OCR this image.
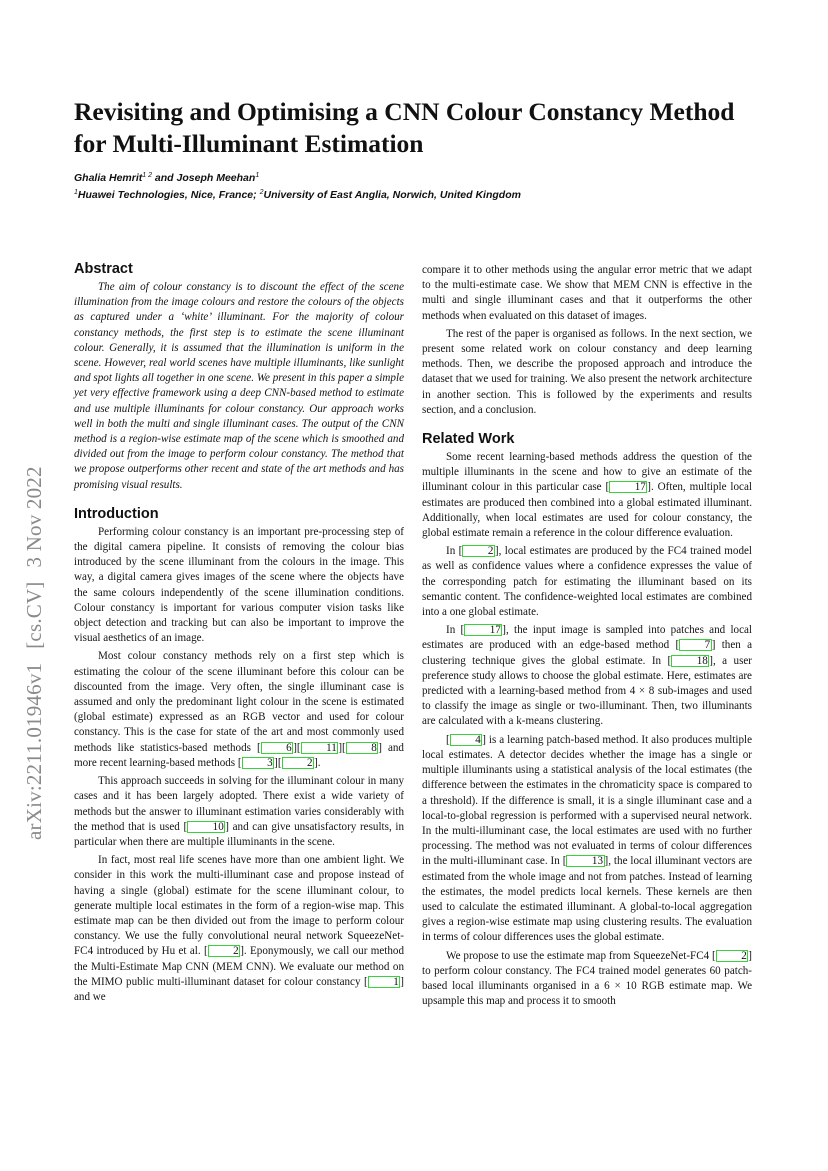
Revisiting and Optimising a CNN Colour Constancy Method for Multi-Illuminant Estimation
Ghalia Hemrit$^{1 2}$ and Joseph Meehan$^1$
$^1$Huawei Technologies, Nice, France; $^2$University of East Anglia, Norwich, United Kingdom
arXiv:2211.01946v1[cs.CV]3 Nov 2022
Abstract

The aim of colour constancy is to discount the effect of the scene illumination from the image colours and restore the colours of the objects as captured under a ‘white’ illuminant. For the majority of colour constancy methods, the first step is to estimate the scene illuminant colour. Generally, it is assumed that the illumination is uniform in the scene. However, real world scenes have multiple illuminants, like sunlight and spot lights all together in one scene. We present in this paper a simple yet very effective framework using a deep CNN-based method to estimate and use multiple illuminants for colour constancy. Our approach works well in both the multi and single illuminant cases. The output of the CNN method is a region-wise estimate map of the scene which is smoothed and divided out from the image to perform colour constancy. The method that we propose outperforms other recent and state of the art methods and has promising visual results.

Introduction

Performing colour constancy is an important pre-processing step of the digital camera pipeline. It consists of removing the colour bias introduced by the scene illuminant from the colours in the image. This way, a digital camera gives images of the scene where the objects have the same colours independently of the scene illumination conditions. Colour constancy is important for various computer vision tasks like object detection and tracking but can also be important to improve the visual aesthetics of an image.

Most colour constancy methods rely on a first step which is estimating the colour of the scene illuminant before this colour can be discounted from the image. Very often, the single illuminant case is assumed and only the predominant light colour in the scene is estimated (global estimate) expressed as an RGB vector and used for colour constancy. This is the case for state of the art and most commonly used methods like statistics-based methods [ 6 ][ 11 ][ 8 ] and more recent learning-based methods [ 3 ][ 2 ].

This approach succeeds in solving for the illuminant colour in many cases and it has been largely adopted. There exist a wide variety of methods but the answer to illuminant estimation varies considerably with the method that is used [ 10 ] and can give unsatisfactory results, in particular when there are multiple illuminants in the scene.

In fact, most real life scenes have more than one ambient light. We consider in this work the multi-illuminant case and propose instead of having a single (global) estimate for the scene illuminant colour, to generate multiple local estimates in the form of a region-wise map. This estimate map can be then divided out from the image to perform colour constancy. We use the fully convolutional neural network SqueezeNet-FC4 introduced by Hu et al. [ 2 ]. Eponymously, we call our method the Multi-Estimate Map CNN (MEM CNN). We evaluate our method on the MIMO public multi-illuminant dataset for colour constancy [ 1 ] and we

compare it to other methods using the angular error metric that we adapt to the multi-estimate case. We show that MEM CNN is effective in the multi and single illuminant cases and that it outperforms the other methods when evaluated on this dataset of images.

The rest of the paper is organised as follows. In the next section, we present some related work on colour constancy and deep learning methods. Then, we describe the proposed approach and introduce the dataset that we used for training. We also present the network architecture in another section. This is followed by the experiments and results section, and a conclusion.

Related Work

Some recent learning-based methods address the question of the multiple illuminants in the scene and how to give an estimate of the illuminant colour in this particular case [ 17 ]. Often, multiple local estimates are produced then combined into a global estimated illuminant. Additionally, when local estimates are used for colour constancy, the global estimate remain a reference in the colour difference evaluation.

In [ 2 ], local estimates are produced by the FC4 trained model as well as confidence values where a confidence expresses the value of the corresponding patch for estimating the illuminant based on its semantic content. The confidence-weighted local estimates are combined into a one global estimate.

In [ 17 ], the input image is sampled into patches and local estimates are produced with an edge-based method [ 7 ] then a clustering technique gives the global estimate. In [ 18 ], a user preference study allows to choose the global estimate. Here, estimates are predicted with a learning-based method from 4 × 8 sub-images and used to classify the image as single or two-illuminant. Then, two illuminants are calculated with a k-means clustering.

[ 4 ] is a learning patch-based method. It also produces multiple local estimates. A detector decides whether the image has a single or multiple illuminants using a statistical analysis of the local estimates (the difference between the estimates in the chromaticity space is compared to a threshold). If the difference is small, it is a single illuminant case and a local-to-global regression is performed with a supervised neural network. In the multi-illuminant case, the local estimates are used with no further processing. The method was not evaluated in terms of colour differences in the multi-illuminant case. In [ 13 ], the local illuminant vectors are estimated from the whole image and not from patches. Instead of learning the estimates, the model predicts local kernels. These kernels are then used to calculate the estimated illuminant. A global-to-local aggregation gives a region-wise estimate map using clustering results. The evaluation in terms of colour differences uses the global estimate.

We propose to use the estimate map from SqueezeNet-FC4 [ 2 ] to perform colour constancy. The FC4 trained model generates 60 patch-based local illuminants organised in a 6 × 10 RGB estimate map. We upsample this map and process it to smooth
